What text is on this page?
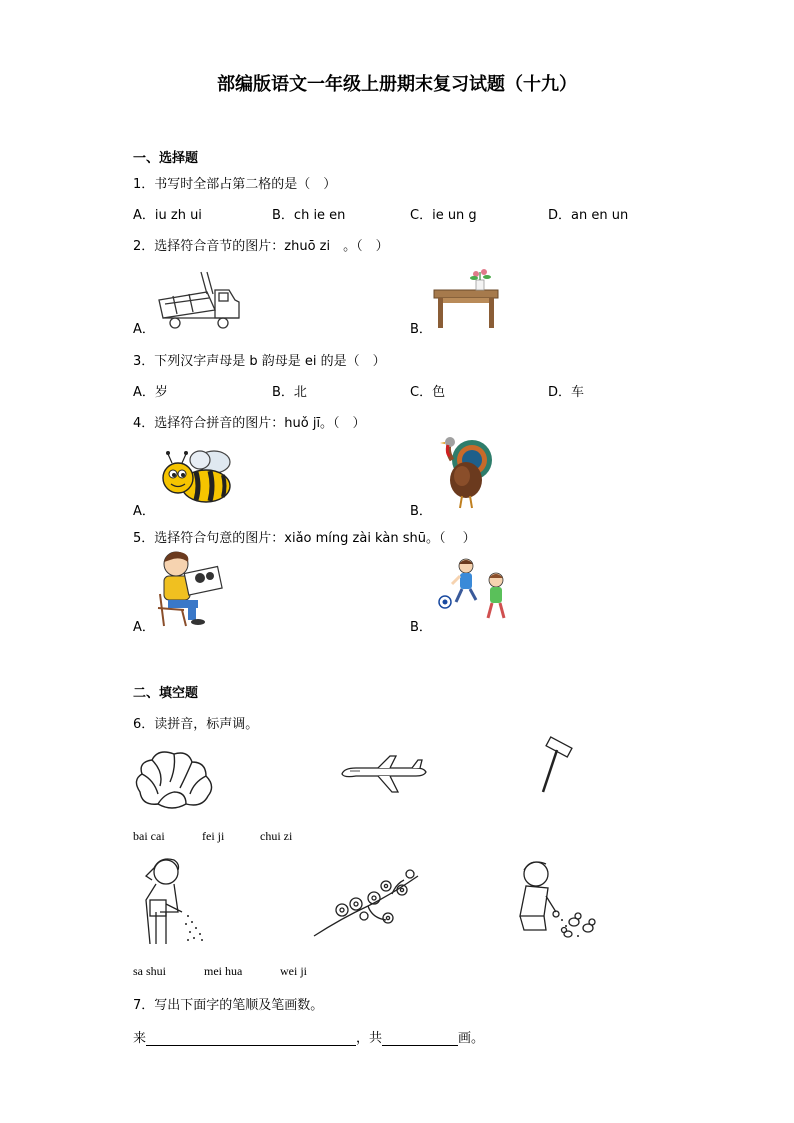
部编版语文一年级上册期末复习试题（十九）
一、选择题
1．书写时全部占第二格的是（　）
A．iu zh ui	B．ch ie en	C．ie un g	D．an en un
2．选择符合音节的图片：zhuō zi　。（　）
A．	B．
3．下列汉字声母是 b 韵母是 ei 的是（　）
A．岁	B．北	C．色	D．车
4．选择符合拼音的图片：huǒ jī。（　）
A．	B．
5．选择符合句意的图片：xiǎo míng zài kàn shū。（　 ）
A．	B．
二、填空题
6．读拼音，标声调。
bai cai	fei ji	chui zi
sa shui	mei hua	wei ji
7．写出下面字的笔顺及笔画数。
来	，共	画。
